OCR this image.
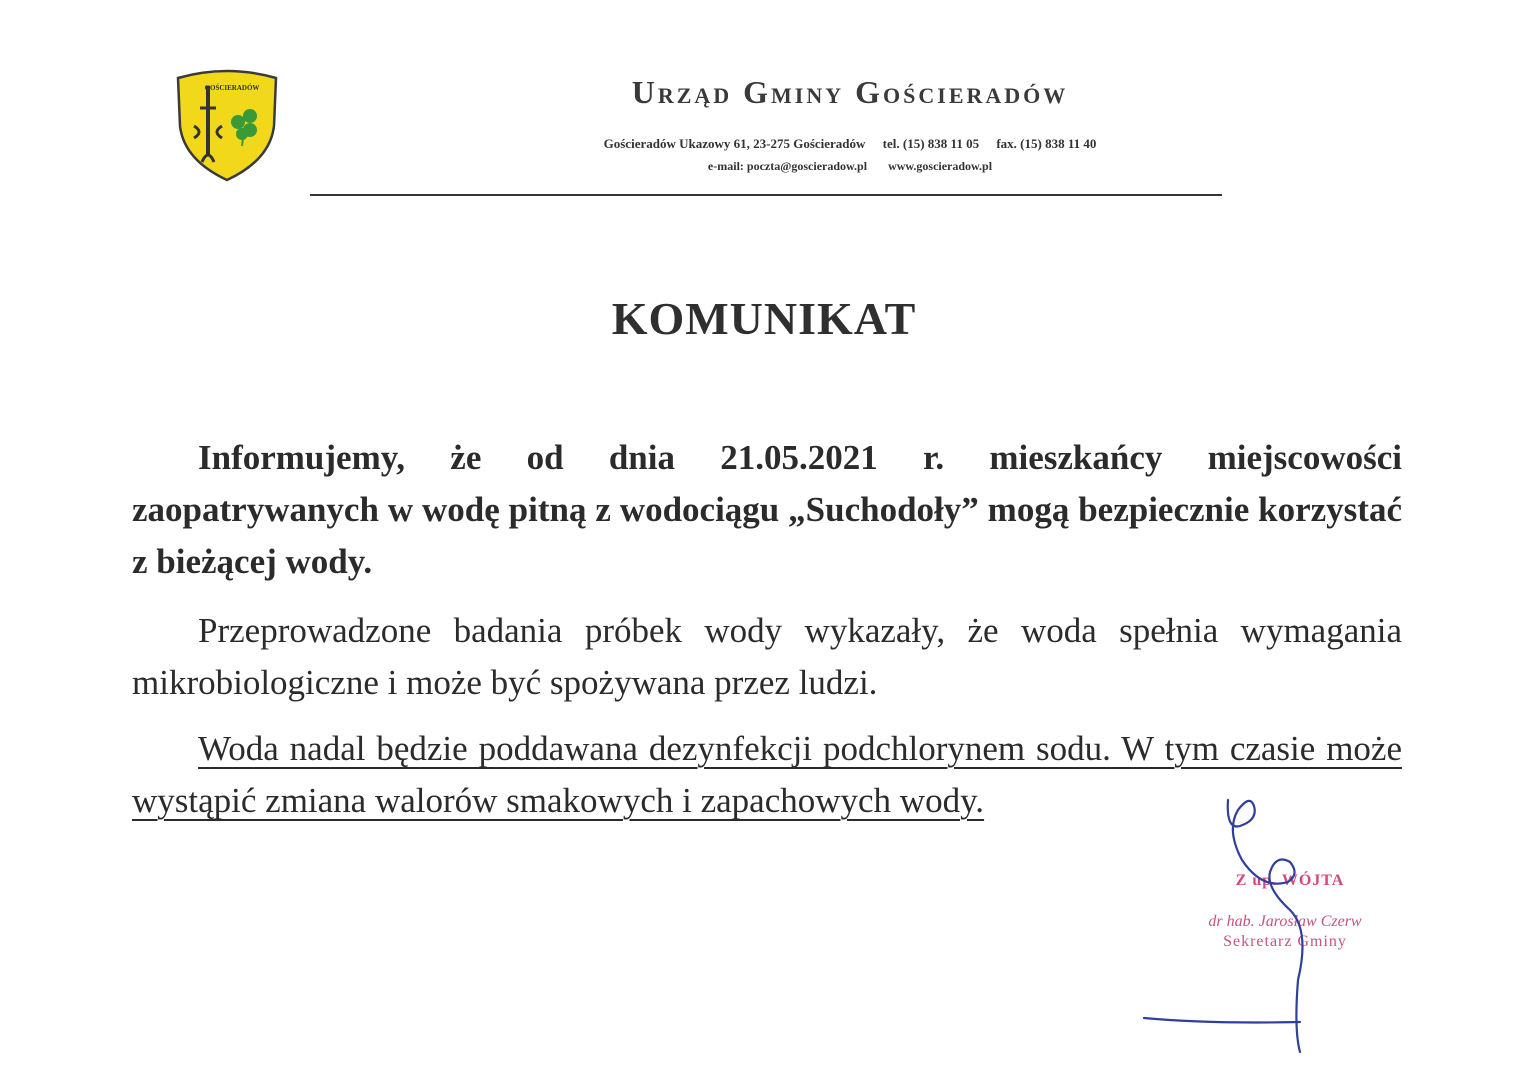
GOŚCIERADÓW	Urząd Gminy Gościeradów
Gościeradów Ukazowy 61, 23-275 Gościeradów tel. (15) 838 11 05 fax. (15) 838 11 40
e-mail: poczta@goscieradow.pl www.goscieradow.pl
KOMUNIKAT
Informujemy, że od dnia 21.05.2021 r. mieszkańcy miejscowości zaopatrywanych w wodę pitną z wodociągu „Suchodoły” mogą bezpiecznie korzystać z bieżącej wody.
Przeprowadzone badania próbek wody wykazały, że woda spełnia wymagania mikrobiologiczne i może być spożywana przez ludzi.
Woda nadal będzie poddawana dezynfekcji podchlorynem sodu. W tym czasie może wystąpić zmiana walorów smakowych i zapachowych wody.
Z up. WÓJTA
dr hab. Jarosław Czerw
Sekretarz Gminy
